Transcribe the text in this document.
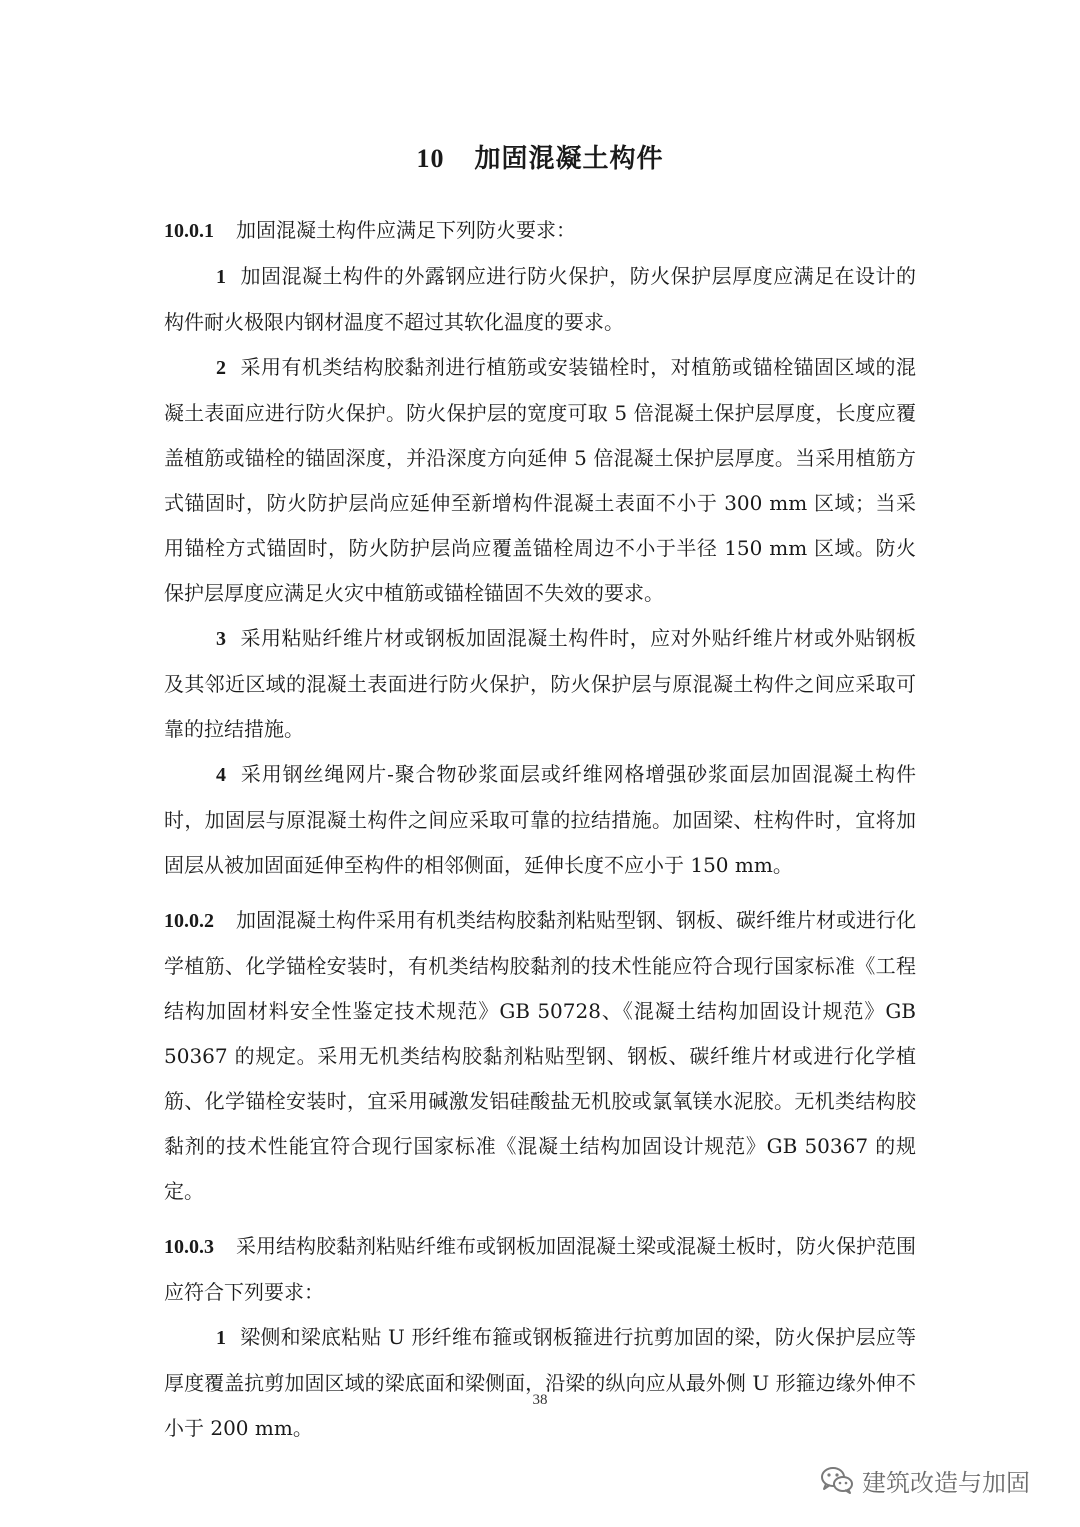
10 加固混凝土构件

10.0.1 加固混凝土构件应满足下列防火要求：

1 加固混凝土构件的外露钢应进行防火保护，防火保护层厚度应满足在设计的构件耐火极限内钢材温度不超过其软化温度的要求。

2 采用有机类结构胶黏剂进行植筋或安装锚栓时，对植筋或锚栓锚固区域的混凝土表面应进行防火保护。防火保护层的宽度可取 5 倍混凝土保护层厚度，长度应覆盖植筋或锚栓的锚固深度，并沿深度方向延伸 5 倍混凝土保护层厚度。当采用植筋方式锚固时，防火防护层尚应延伸至新增构件混凝土表面不小于 300 mm 区域；当采用锚栓方式锚固时，防火防护层尚应覆盖锚栓周边不小于半径 150 mm 区域。防火保护层厚度应满足火灾中植筋或锚栓锚固不失效的要求。

3 采用粘贴纤维片材或钢板加固混凝土构件时，应对外贴纤维片材或外贴钢板及其邻近区域的混凝土表面进行防火保护，防火保护层与原混凝土构件之间应采取可靠的拉结措施。

4 采用钢丝绳网片-聚合物砂浆面层或纤维网格增强砂浆面层加固混凝土构件时，加固层与原混凝土构件之间应采取可靠的拉结措施。加固梁、柱构件时，宜将加固层从被加固面延伸至构件的相邻侧面，延伸长度不应小于 150 mm。

10.0.2 加固混凝土构件采用有机类结构胶黏剂粘贴型钢、钢板、碳纤维片材或进行化学植筋、化学锚栓安装时，有机类结构胶黏剂的技术性能应符合现行国家标准《工程结构加固材料安全性鉴定技术规范》GB 50728、《混凝土结构加固设计规范》GB 50367 的规定。采用无机类结构胶黏剂粘贴型钢、钢板、碳纤维片材或进行化学植筋、化学锚栓安装时，宜采用碱激发铝硅酸盐无机胶或氯氧镁水泥胶。无机类结构胶黏剂的技术性能宜符合现行国家标准《混凝土结构加固设计规范》GB 50367 的规定。

10.0.3 采用结构胶黏剂粘贴纤维布或钢板加固混凝土梁或混凝土板时，防火保护范围应符合下列要求：

1 梁侧和梁底粘贴 U 形纤维布箍或钢板箍进行抗剪加固的梁，防火保护层应等厚度覆盖抗剪加固区域的梁底面和梁侧面，沿梁的纵向应从最外侧 U 形箍边缘外伸不小于 200 mm。

38
建筑改造与加固
